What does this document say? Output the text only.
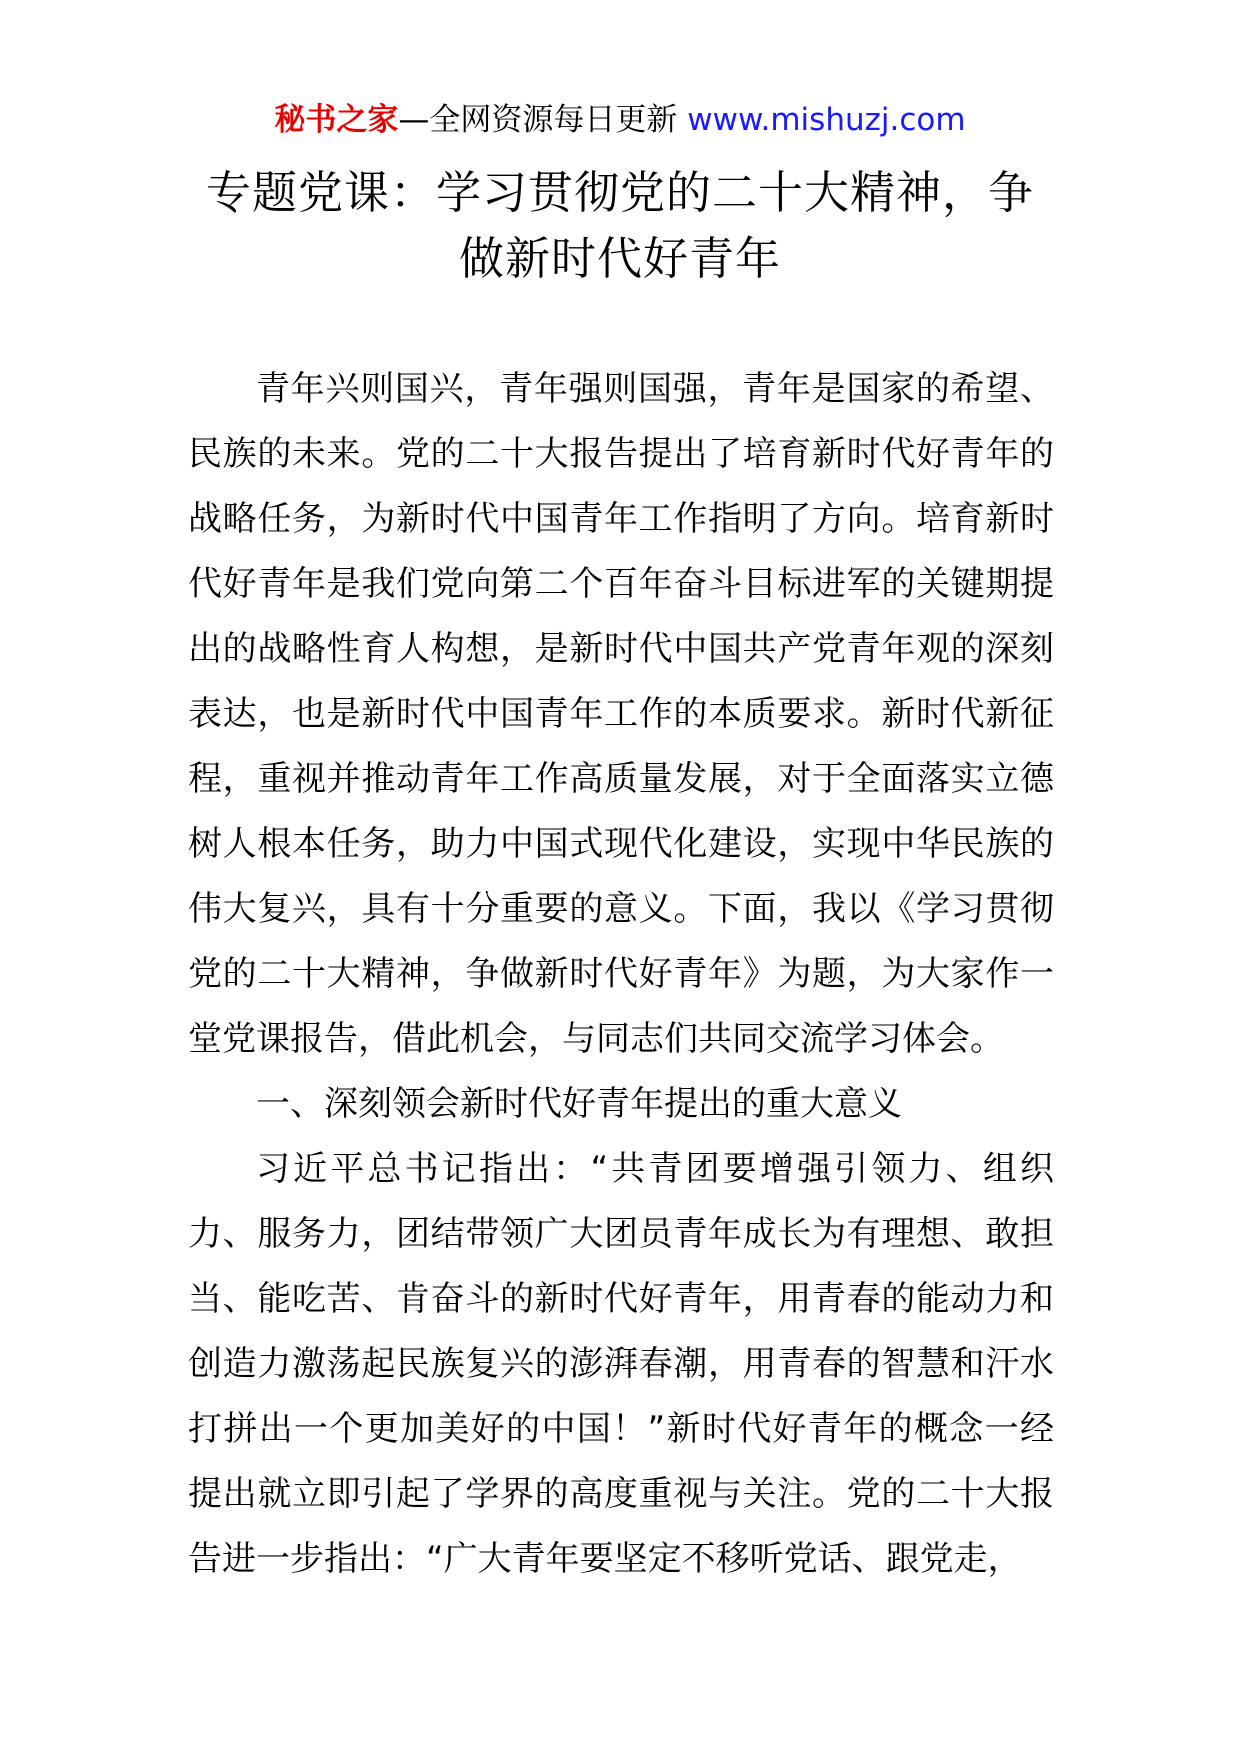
秘书之家—全网资源每日更新 www.mishuzj.com
专题党课：学习贯彻党的二十大精神，争
做新时代好青年

青年兴则国兴，青年强则国强，青年是国家的希望、民族的未来。党的二十大报告提出了培育新时代好青年的战略任务，为新时代中国青年工作指明了方向。培育新时代好青年是我们党向第二个百年奋斗目标进军的关键期提出的战略性育人构想，是新时代中国共产党青年观的深刻表达，也是新时代中国青年工作的本质要求。新时代新征程，重视并推动青年工作高质量发展，对于全面落实立德树人根本任务，助力中国式现代化建设，实现中华民族的伟大复兴，具有十分重要的意义。下面，我以《学习贯彻党的二十大精神，争做新时代好青年》为题，为大家作一堂党课报告，借此机会，与同志们共同交流学习体会。

一、深刻领会新时代好青年提出的重大意义

习近平总书记指出：“共青团要增强引领力、组织力、服务力，团结带领广大团员青年成长为有理想、敢担当、能吃苦、肯奋斗的新时代好青年，用青春的能动力和创造力激荡起民族复兴的澎湃春潮，用青春的智慧和汗水打拼出一个更加美好的中国！”新时代好青年的概念一经提出就立即引起了学界的高度重视与关注。党的二十大报告进一步指出：“广大青年要坚定不移听党话、跟党走，
